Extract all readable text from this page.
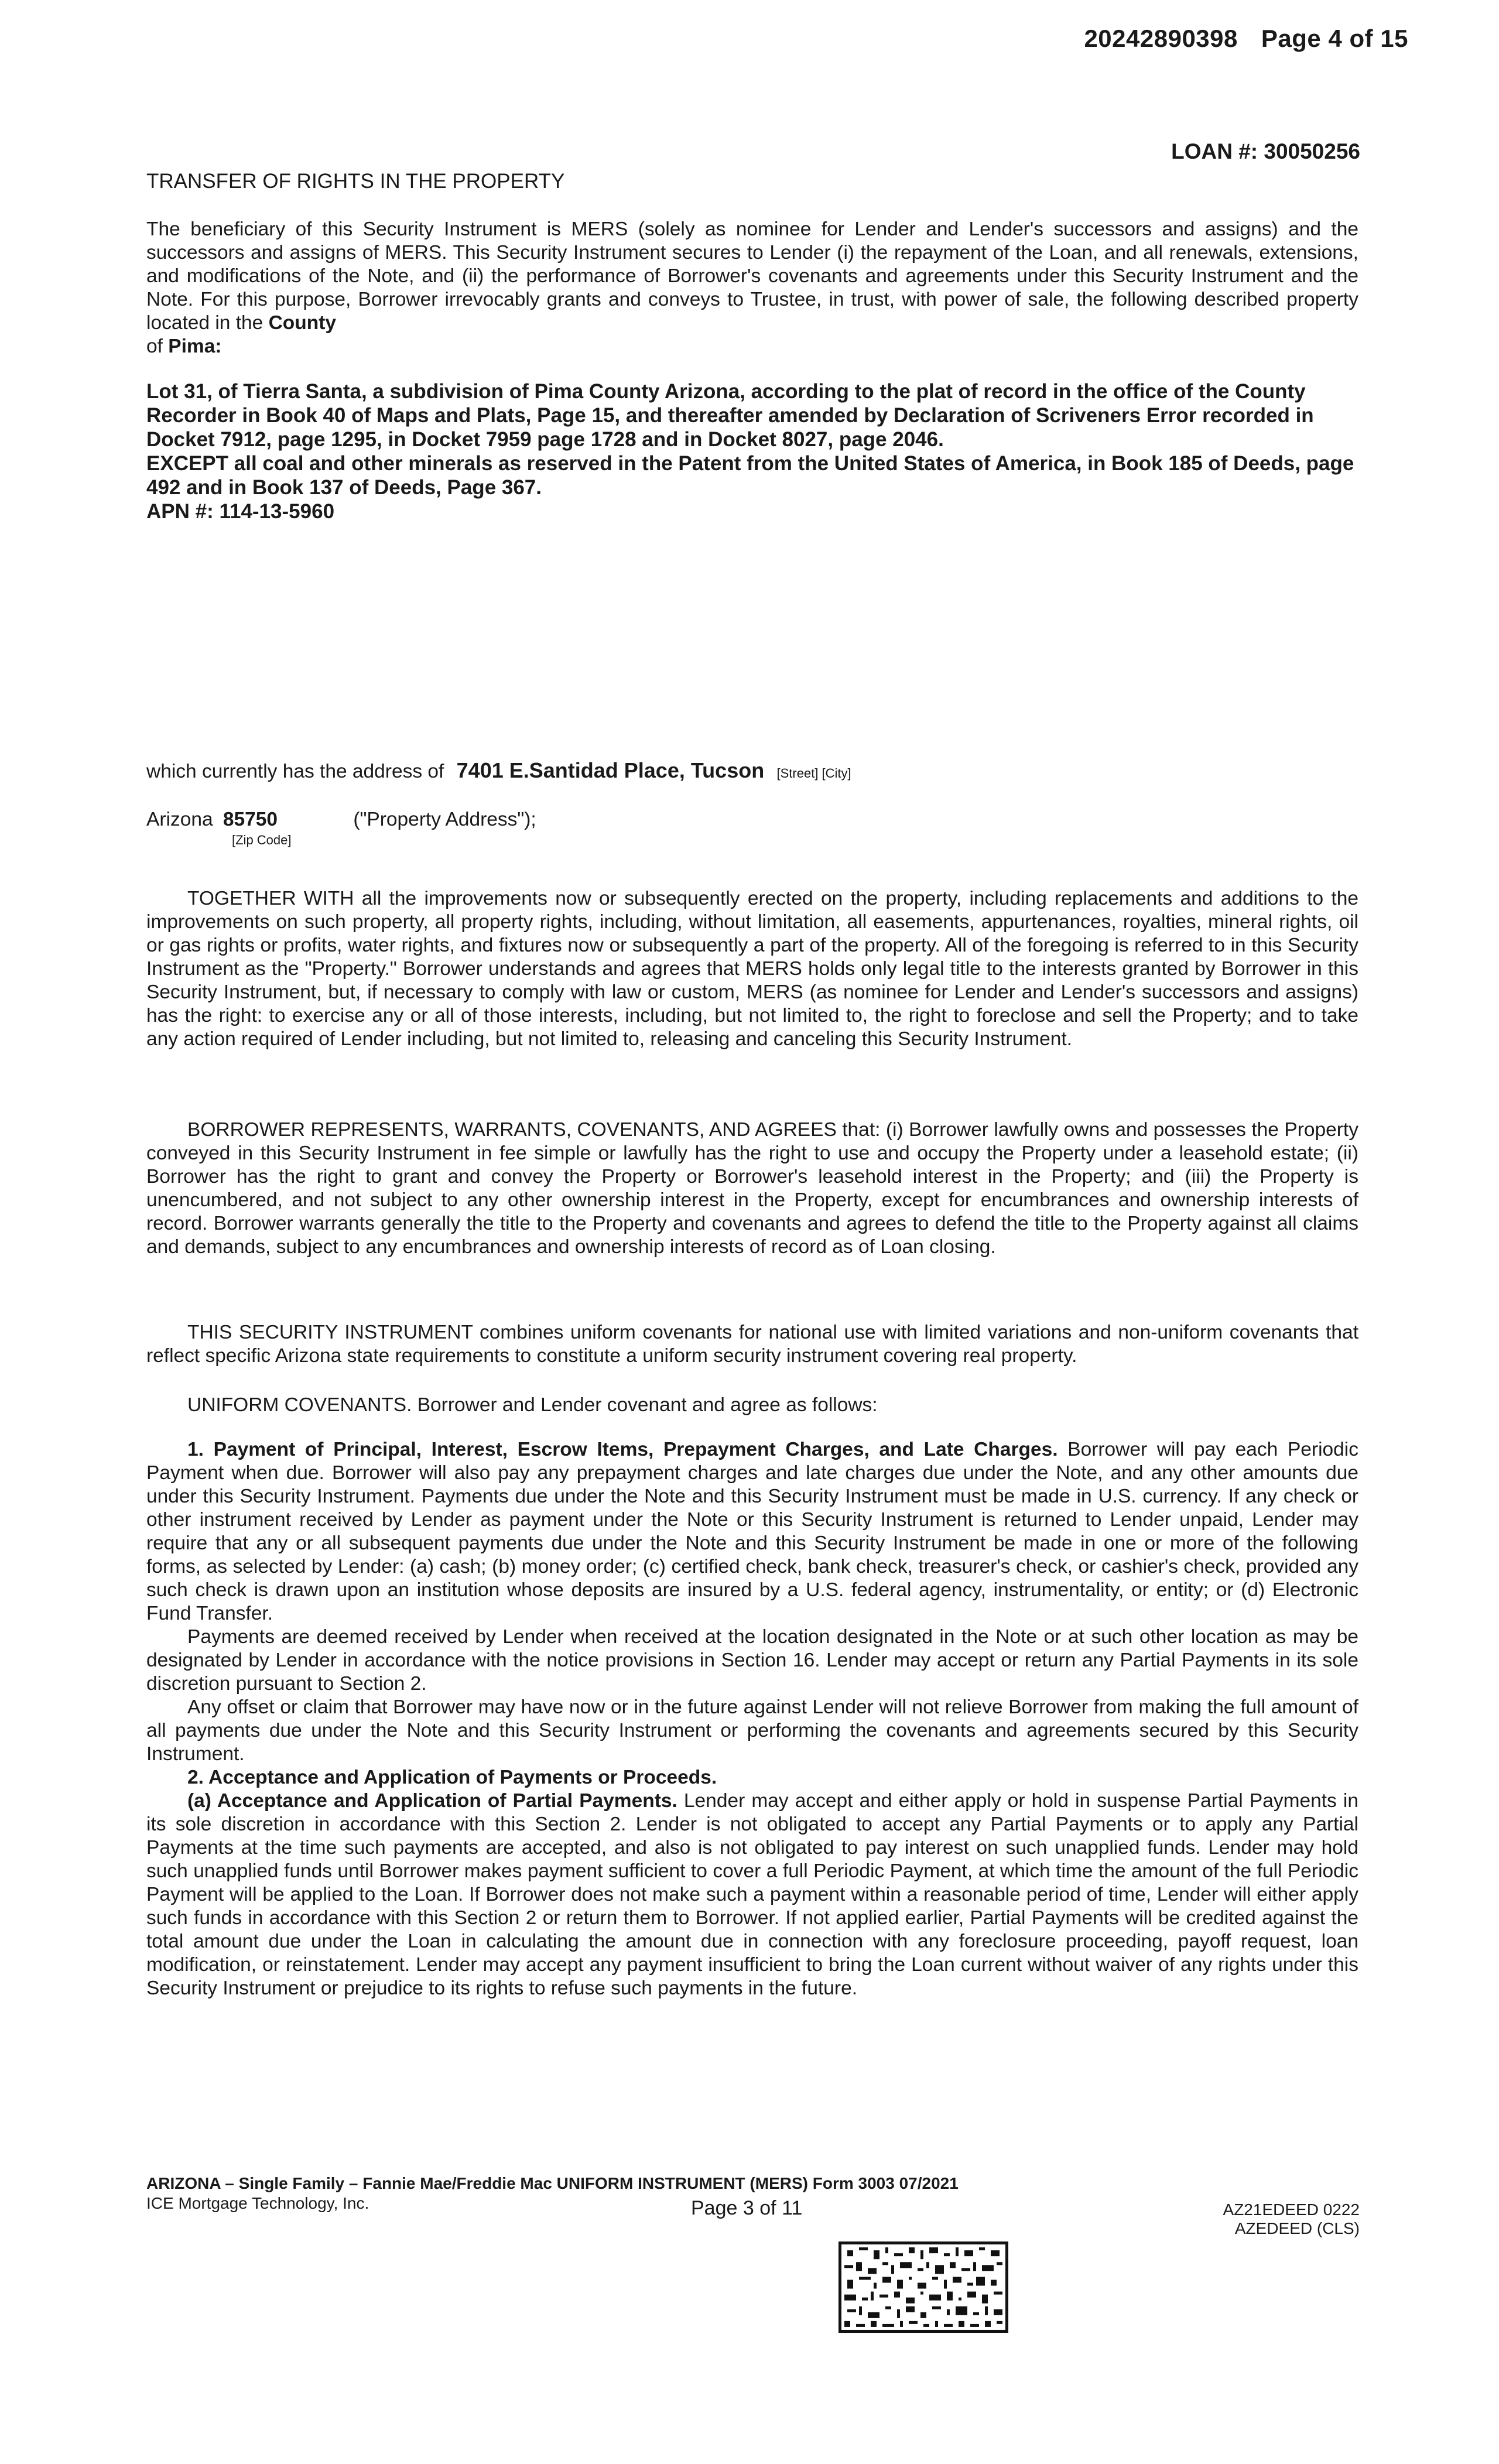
20242890398 Page 4 of 15
LOAN #: 30050256
TRANSFER OF RIGHTS IN THE PROPERTY

The beneficiary of this Security Instrument is MERS (solely as nominee for Lender and Lender's successors and assigns) and the successors and assigns of MERS. This Security Instrument secures to Lender (i) the repayment of the Loan, and all renewals, extensions, and modifications of the Note, and (ii) the performance of Borrower's covenants and agreements under this Security Instrument and the Note. For this purpose, Borrower irrevocably grants and conveys to Trustee, in trust, with power of sale, the following described property located in the County
of Pima:

Lot 31, of Tierra Santa, a subdivision of Pima County Arizona, according to the plat of record in the office of the County Recorder in Book 40 of Maps and Plats, Page 15, and thereafter amended by Declaration of Scriveners Error recorded in Docket 7912, page 1295, in Docket 7959 page 1728 and in Docket 8027, page 2046.

EXCEPT all coal and other minerals as reserved in the Patent from the United States of America, in Book 185 of Deeds, page 492 and in Book 137 of Deeds, Page 367.

APN #: 114-13-5960

which currently has the address of 7401 E.Santidad Place, Tucson [Street] [City]
Arizona 85750	("Property Address");
[Zip Code]

TOGETHER WITH all the improvements now or subsequently erected on the property, including replacements and additions to the improvements on such property, all property rights, including, without limitation, all easements, appurtenances, royalties, mineral rights, oil or gas rights or profits, water rights, and fixtures now or subsequently a part of the property. All of the foregoing is referred to in this Security Instrument as the "Property." Borrower understands and agrees that MERS holds only legal title to the interests granted by Borrower in this Security Instrument, but, if necessary to comply with law or custom, MERS (as nominee for Lender and Lender's successors and assigns) has the right: to exercise any or all of those interests, including, but not limited to, the right to foreclose and sell the Property; and to take any action required of Lender including, but not limited to, releasing and canceling this Security Instrument.

BORROWER REPRESENTS, WARRANTS, COVENANTS, AND AGREES that: (i) Borrower lawfully owns and possesses the Property conveyed in this Security Instrument in fee simple or lawfully has the right to use and occupy the Property under a leasehold estate; (ii) Borrower has the right to grant and convey the Property or Borrower's leasehold interest in the Property; and (iii) the Property is unencumbered, and not subject to any other ownership interest in the Property, except for encumbrances and ownership interests of record. Borrower warrants generally the title to the Property and covenants and agrees to defend the title to the Property against all claims and demands, subject to any encumbrances and ownership interests of record as of Loan closing.

THIS SECURITY INSTRUMENT combines uniform covenants for national use with limited variations and non-uniform covenants that reflect specific Arizona state requirements to constitute a uniform security instrument covering real property.

UNIFORM COVENANTS. Borrower and Lender covenant and agree as follows:

1. Payment of Principal, Interest, Escrow Items, Prepayment Charges, and Late Charges. Borrower will pay each Periodic Payment when due. Borrower will also pay any prepayment charges and late charges due under the Note, and any other amounts due under this Security Instrument. Payments due under the Note and this Security Instrument must be made in U.S. currency. If any check or other instrument received by Lender as payment under the Note or this Security Instrument is returned to Lender unpaid, Lender may require that any or all subsequent payments due under the Note and this Security Instrument be made in one or more of the following forms, as selected by Lender: (a) cash; (b) money order; (c) certified check, bank check, treasurer's check, or cashier's check, provided any such check is drawn upon an institution whose deposits are insured by a U.S. federal agency, instrumentality, or entity; or (d) Electronic Fund Transfer.

Payments are deemed received by Lender when received at the location designated in the Note or at such other location as may be designated by Lender in accordance with the notice provisions in Section 16. Lender may accept or return any Partial Payments in its sole discretion pursuant to Section 2.

Any offset or claim that Borrower may have now or in the future against Lender will not relieve Borrower from making the full amount of all payments due under the Note and this Security Instrument or performing the covenants and agreements secured by this Security Instrument.

2. Acceptance and Application of Payments or Proceeds.

(a) Acceptance and Application of Partial Payments. Lender may accept and either apply or hold in suspense Partial Payments in its sole discretion in accordance with this Section 2. Lender is not obligated to accept any Partial Payments or to apply any Partial Payments at the time such payments are accepted, and also is not obligated to pay interest on such unapplied funds. Lender may hold such unapplied funds until Borrower makes payment sufficient to cover a full Periodic Payment, at which time the amount of the full Periodic Payment will be applied to the Loan. If Borrower does not make such a payment within a reasonable period of time, Lender will either apply such funds in accordance with this Section 2 or return them to Borrower. If not applied earlier, Partial Payments will be credited against the total amount due under the Loan in calculating the amount due in connection with any foreclosure proceeding, payoff request, loan modification, or reinstatement. Lender may accept any payment insufficient to bring the Loan current without waiver of any rights under this Security Instrument or prejudice to its rights to refuse such payments in the future.

ARIZONA – Single Family – Fannie Mae/Freddie Mac UNIFORM INSTRUMENT (MERS) Form 3003 07/2021
ICE Mortgage Technology, Inc.	Page 3 of 11	AZ21EDEED 0222
AZEDEED (CLS)
